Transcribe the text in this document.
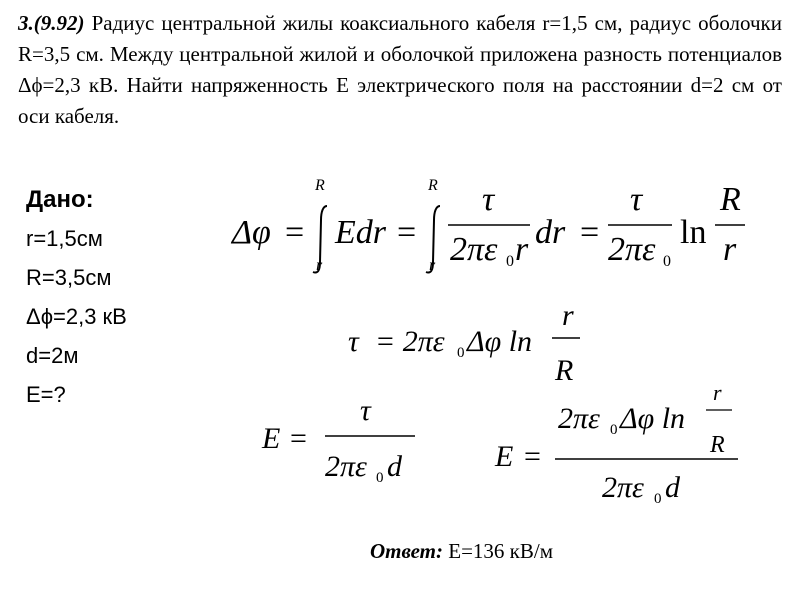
3.(9.92) Радиус центральной жилы коаксиального кабеля r=1,5 см, радиус оболочки R=3,5 см. Между центральной жилой и оболочкой приложена разность потенциалов Δϕ=2,3 кВ. Найти напряженность E электрического поля на расстоянии d=2 см от оси кабеля.
Дано:
r=1,5см
R=3,5см
Δϕ=2,3 кВ
d=2м
E=?
Δφ =
R
r
Edr =
R
r
τ
2πε 0 r dr =
τ
2πε 0
ln
R
r
τ = 2πε 0 Δφ ln
r
R
E =
τ
2πε 0 d	E =
2πε 0 Δφ ln
r
R
2πε 0 d
Ответ: E=136 кВ/м
